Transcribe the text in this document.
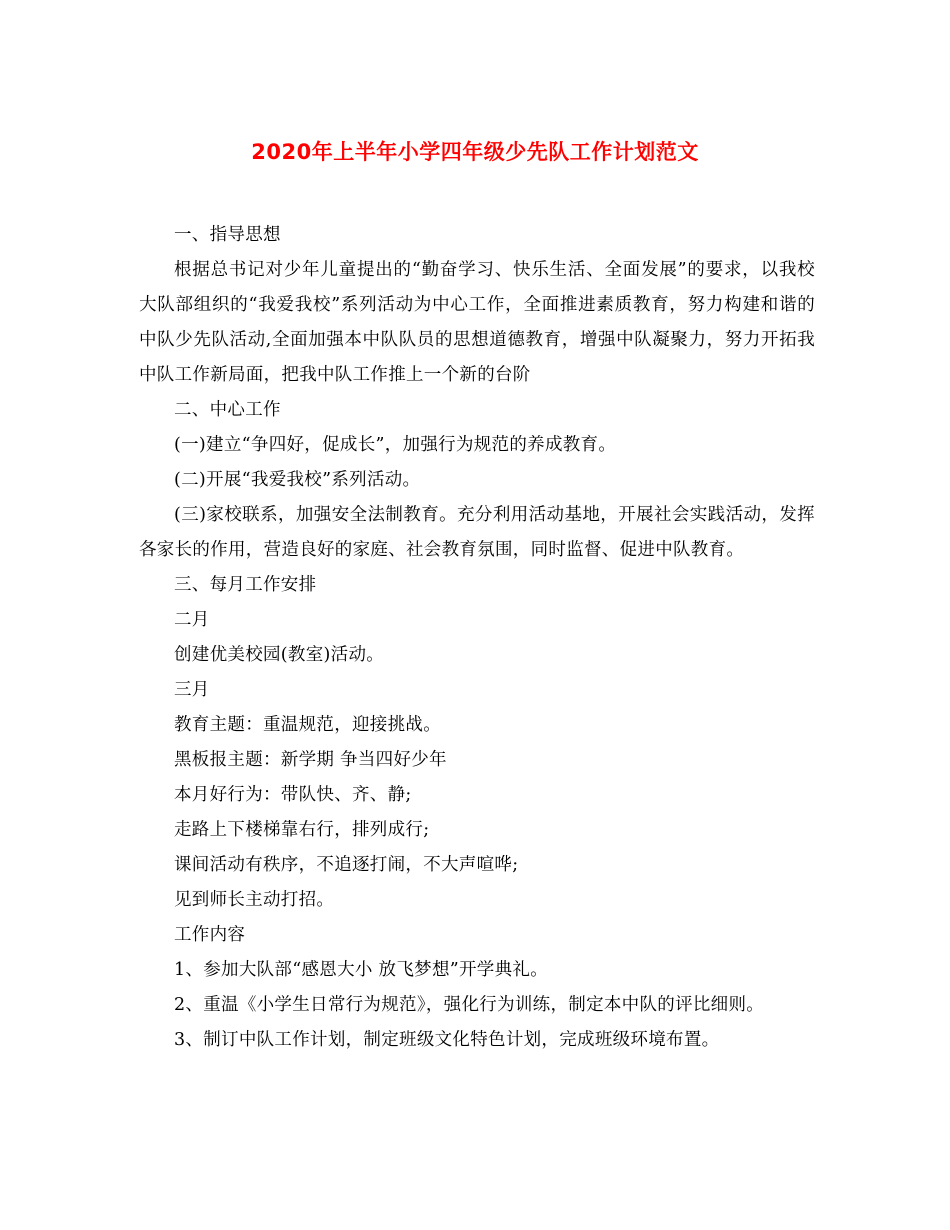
2020年上半年小学四年级少先队工作计划范文

一、指导思想

根据总书记对少年儿童提出的“勤奋学习、快乐生活、全面发展”的要求，以我校大队部组织的“我爱我校”系列活动为中心工作，全面推进素质教育，努力构建和谐的中队少先队活动,全面加强本中队队员的思想道德教育，增强中队凝聚力，努力开拓我中队工作新局面，把我中队工作推上一个新的台阶

二、中心工作

(一)建立“争四好，促成长”，加强行为规范的养成教育。

(二)开展“我爱我校”系列活动。

(三)家校联系，加强安全法制教育。充分利用活动基地，开展社会实践活动，发挥各家长的作用，营造良好的家庭、社会教育氛围，同时监督、促进中队教育。

三、每月工作安排

二月

创建优美校园(教室)活动。

三月

教育主题：重温规范，迎接挑战。

黑板报主题：新学期 争当四好少年

本月好行为：带队快、齐、静;

走路上下楼梯靠右行，排列成行;

课间活动有秩序，不追逐打闹，不大声喧哗;

见到师长主动打招。

工作内容

1、参加大队部“感恩大小 放飞梦想”开学典礼。

2、重温《小学生日常行为规范》，强化行为训练，制定本中队的评比细则。

3、制订中队工作计划，制定班级文化特色计划，完成班级环境布置。
